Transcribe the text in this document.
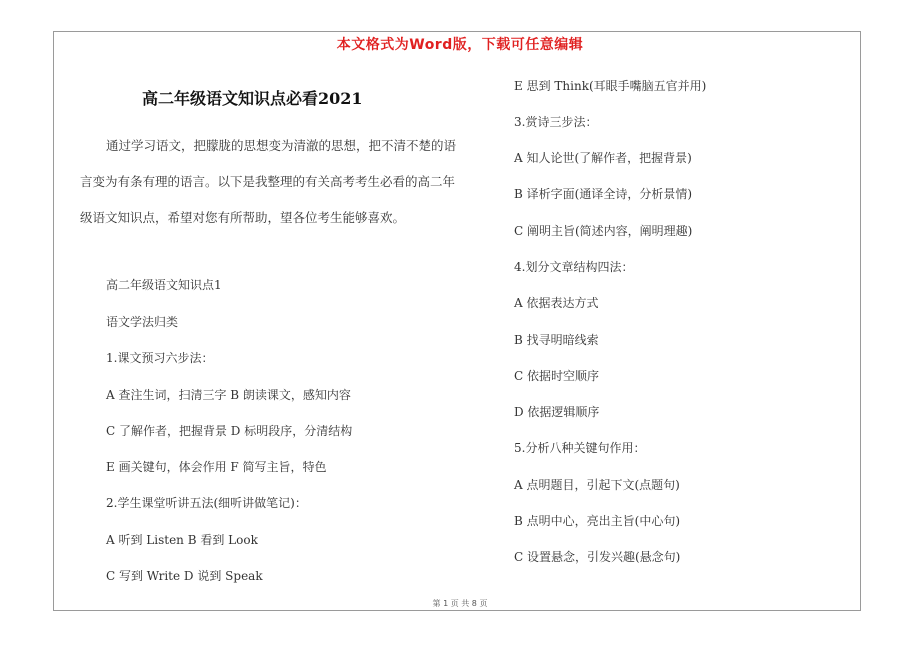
本文格式为Word版，下载可任意编辑
高二年级语文知识点必看2021
通过学习语文，把朦胧的思想变为清澈的思想，把不清不楚的语言变为有条有理的语言。以下是我整理的有关高考考生必看的高二年级语文知识点，希望对您有所帮助，望各位考生能够喜欢。
高二年级语文知识点1
语文学法归类
1.课文预习六步法：
A 查注生词，扫清三字 B 朗读课文，感知内容
C 了解作者，把握背景 D 标明段序，分清结构
E 画关键句，体会作用 F 简写主旨，特色
2.学生课堂听讲五法(细听讲做笔记)：
A 听到 Listen B 看到 Look
C 写到 Write D 说到 Speak
E 思到 Think(耳眼手嘴脑五官并用)
3.赏诗三步法：
A 知人论世(了解作者，把握背景)
B 译析字面(通译全诗，分析景情)
C 阐明主旨(简述内容，阐明理趣)
4.划分文章结构四法：
A 依据表达方式
B 找寻明暗线索
C 依据时空顺序
D 依据逻辑顺序
5.分析八种关键句作用：
A 点明题目，引起下文(点题句)
B 点明中心，亮出主旨(中心句)
C 设置悬念，引发兴趣(悬念句)
第 1 页 共 8 页
